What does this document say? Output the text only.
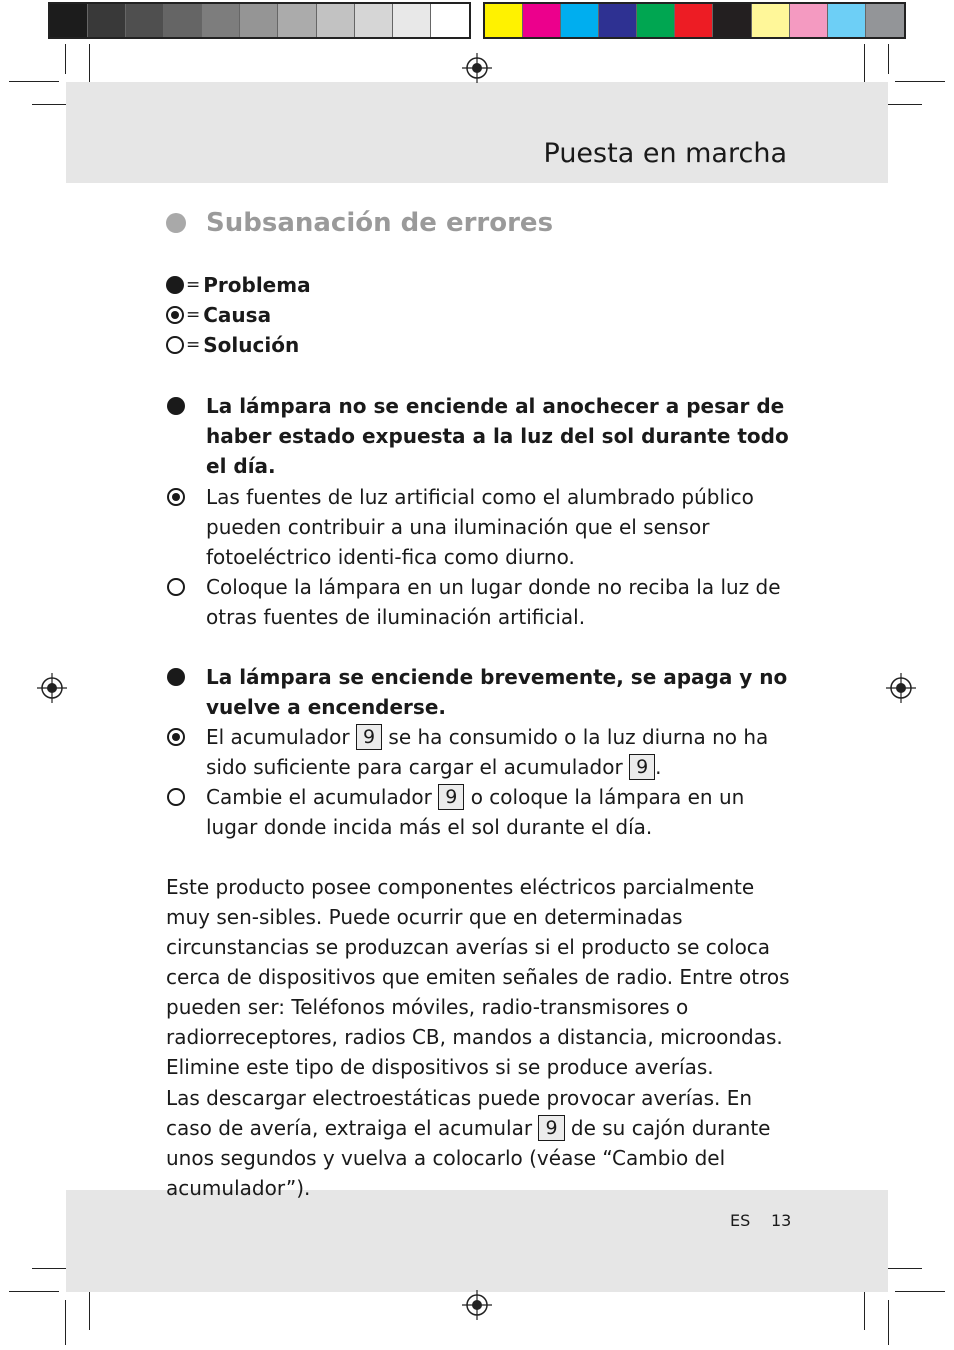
Puesta en marcha
Subsanación de errores
= Problema
= Causa
= Solución
La lámpara no se enciende al anochecer a pesar de haber estado expuesta a la luz del sol durante todo el día.
Las fuentes de luz artificial como el alumbrado público pueden contribuir a una iluminación que el sensor fotoeléctrico identi-fica como diurno.
Coloque la lámpara en un lugar donde no reciba la luz de otras fuentes de iluminación artificial.
La lámpara se enciende brevemente, se apaga y no vuelve a encenderse.
El acumulador 9 se ha consumido o la luz diurna no ha sido suficiente para cargar el acumulador 9 .
Cambie el acumulador 9 o coloque la lámpara en un lugar donde incida más el sol durante el día.

Este producto posee componentes eléctricos parcialmente muy sen-sibles. Puede ocurrir que en determinadas circunstancias se produzcan averías si el producto se coloca cerca de dispositivos que emiten señales de radio. Entre otros pueden ser: Teléfonos móviles, radio-transmisores o radiorreceptores, radios CB, mandos a distancia, microondas. Elimine este tipo de dispositivos si se produce averías.

Las descargar electroestáticas puede provocar averías. En caso de avería, extraiga el acumular 9 de su cajón durante unos segundos y vuelva a colocarlo (véase “Cambio del acumulador”).

ES 13
